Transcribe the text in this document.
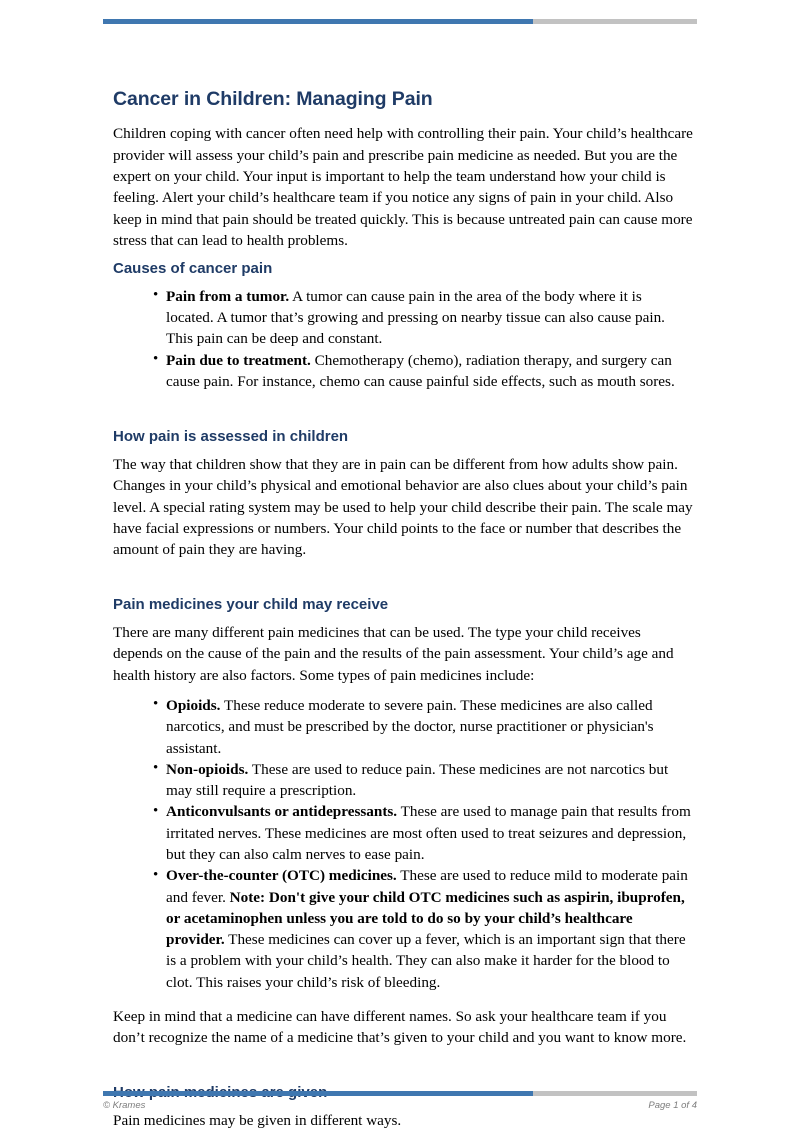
Cancer in Children: Managing Pain

Children coping with cancer often need help with controlling their pain. Your child’s healthcare provider will assess your child’s pain and prescribe pain medicine as needed. But you are the expert on your child. Your input is important to help the team understand how your child is feeling. Alert your child’s healthcare team if you notice any signs of pain in your child. Also keep in mind that pain should be treated quickly. This is because untreated pain can cause more stress that can lead to health problems.

Causes of cancer pain
• Pain from a tumor. A tumor can cause pain in the area of the body where it is located. A tumor that’s growing and pressing on nearby tissue can also cause pain. This pain can be deep and constant.
• Pain due to treatment. Chemotherapy (chemo), radiation therapy, and surgery can cause pain. For instance, chemo can cause painful side effects, such as mouth sores.
How pain is assessed in children

The way that children show that they are in pain can be different from how adults show pain. Changes in your child’s physical and emotional behavior are also clues about your child’s pain level. A special rating system may be used to help your child describe their pain. The scale may have facial expressions or numbers. Your child points to the face or number that describes the amount of pain they are having.

Pain medicines your child may receive

There are many different pain medicines that can be used. The type your child receives depends on the cause of the pain and the results of the pain assessment. Your child’s age and health history are also factors. Some types of pain medicines include:

• Opioids. These reduce moderate to severe pain. These medicines are also called narcotics, and must be prescribed by the doctor, nurse practitioner or physician's assistant.
• Non-opioids. These are used to reduce pain. These medicines are not narcotics but may still require a prescription.
• Anticonvulsants or antidepressants. These are used to manage pain that results from irritated nerves. These medicines are most often used to treat seizures and depression, but they can also calm nerves to ease pain.
• Over-the-counter (OTC) medicines. These are used to reduce mild to moderate pain and fever. Note: Don't give your child OTC medicines such as aspirin, ibuprofen, or acetaminophen unless you are told to do so by your child’s healthcare provider. These medicines can cover up a fever, which is an important sign that there is a problem with your child’s health. They can also make it harder for the blood to clot. This raises your child’s risk of bleeding.

Keep in mind that a medicine can have different names. So ask your healthcare team if you don’t recognize the name of a medicine that’s given to your child and you want to know more.

Pain medicines may be given in different ways.

© Krames	Page 1 of 4
